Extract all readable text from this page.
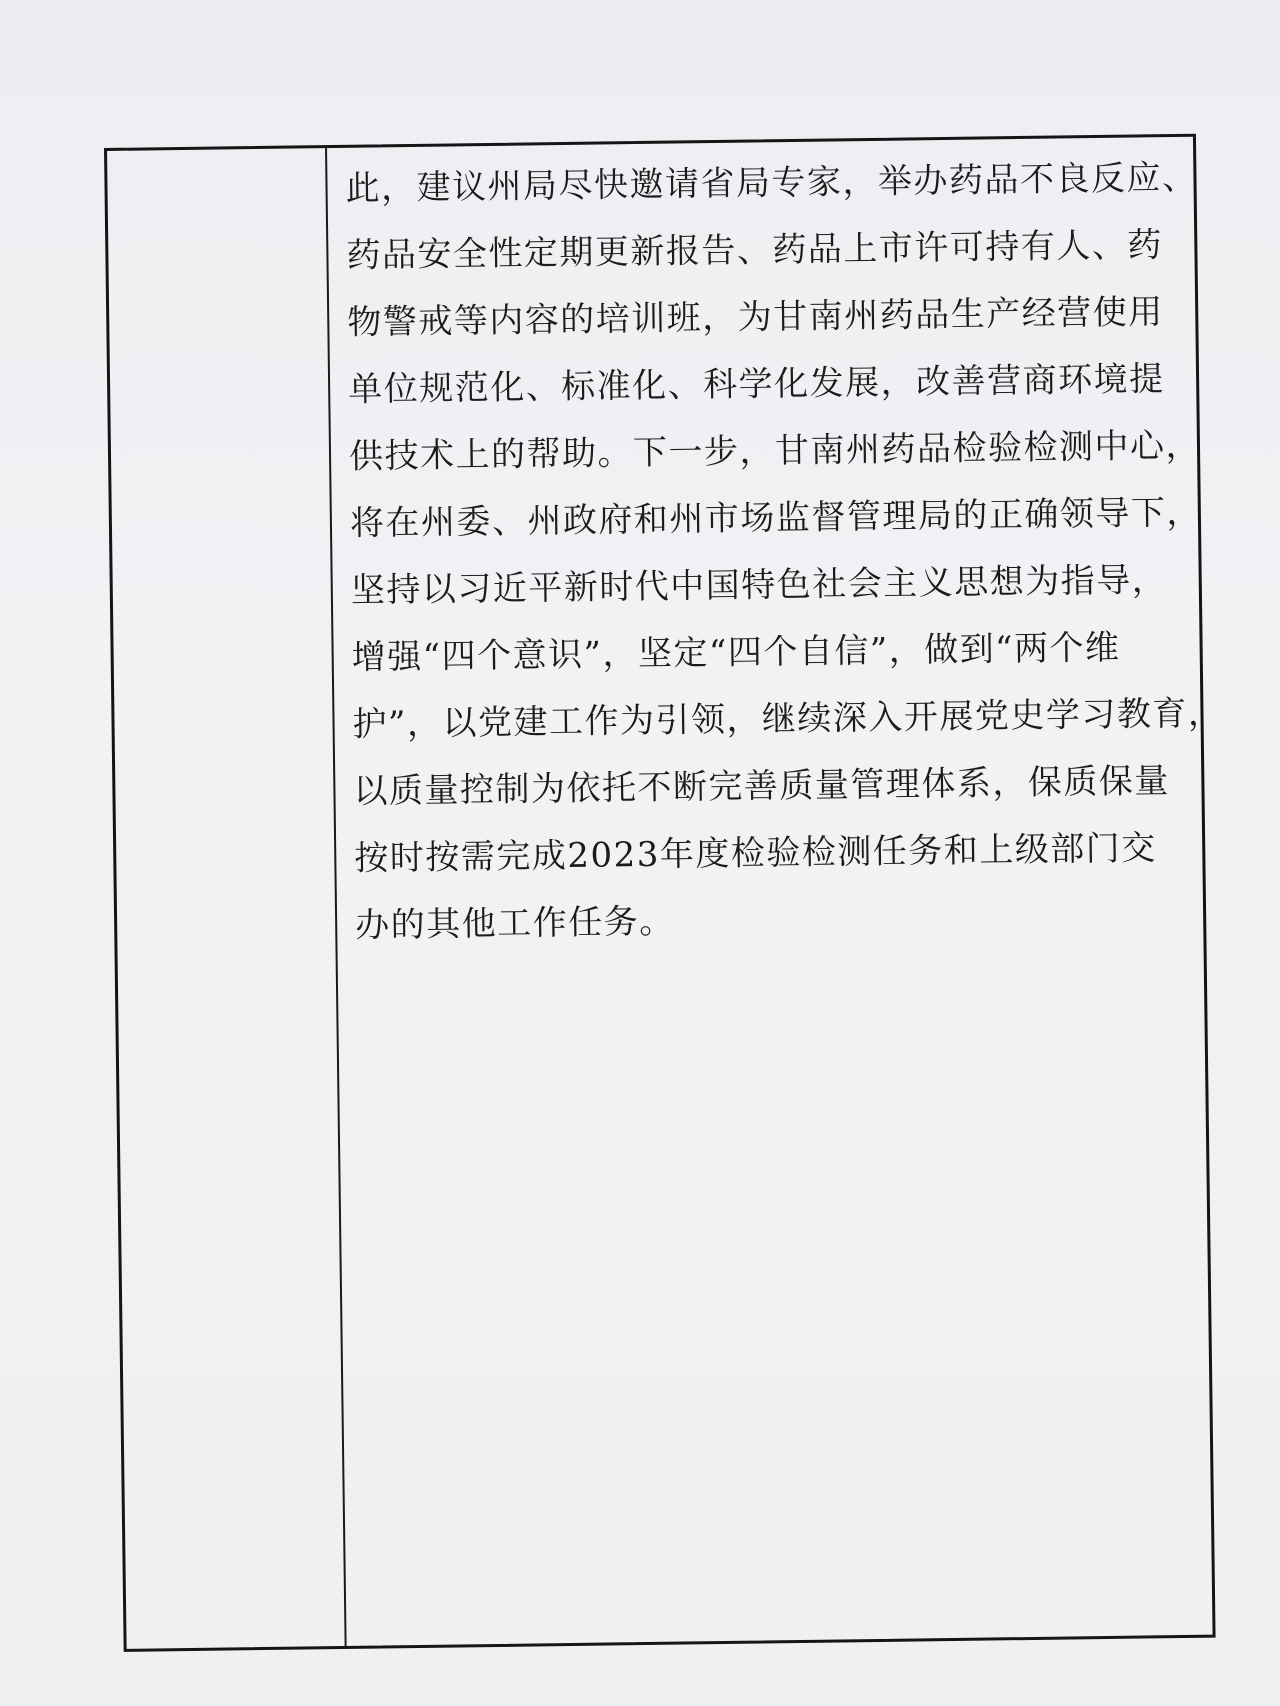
此，建议州局尽快邀请省局专家，举办药品不良反应、
药品安全性定期更新报告、药品上市许可持有人、药
物警戒等内容的培训班，为甘南州药品生产经营使用
单位规范化、标准化、科学化发展，改善营商环境提
供技术上的帮助。下一步，甘南州药品检验检测中心，
将在州委、州政府和州市场监督管理局的正确领导下，
坚持以习近平新时代中国特色社会主义思想为指导，
增强“四个意识”，坚定“四个自信”，做到“两个维
护”，以党建工作为引领，继续深入开展党史学习教育，
以质量控制为依托不断完善质量管理体系，保质保量
按时按需完成2023年度检验检测任务和上级部门交
办的其他工作任务。
